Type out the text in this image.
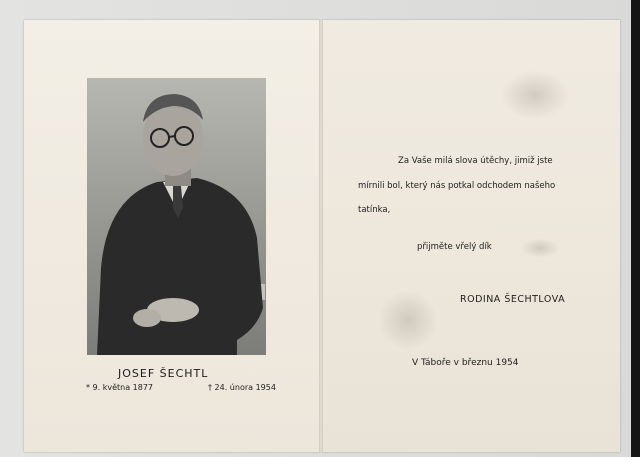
JOSEF ŠECHTL
* 9. května 1877	† 24. února 1954
Za Vaše milá slova útěchy, jimiž jste
mírnili bol, který nás potkal odchodem našeho
tatínka,
přijměte vřelý dík
RODINA ŠECHTLOVA
V Táboře v březnu 1954
